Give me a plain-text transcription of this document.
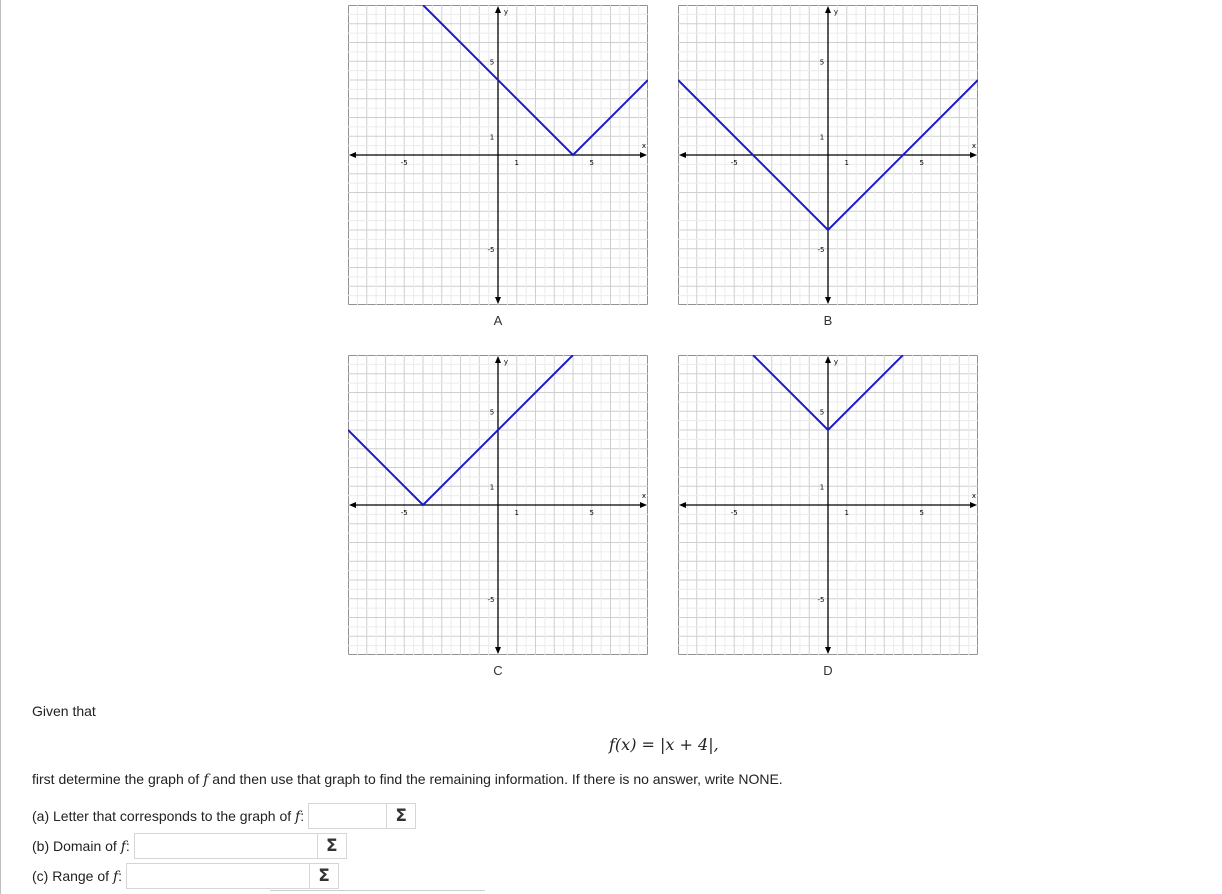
-5	1	5
5
1
-5
y
x
A
-5	1	5
5
1
-5
y
x
B
-5	1	5
5
1
-5
y
x
C
-5	1	5
5
1
-5
y
x
D
Given that
f(x) = |x + 4|,
first determine the graph of f and then use that graph to find the remaining information. If there is no answer, write NONE.
(a) Letter that corresponds to the graph of f:	Σ
(b) Domain of f:	Σ
(c) Range of f:	Σ
